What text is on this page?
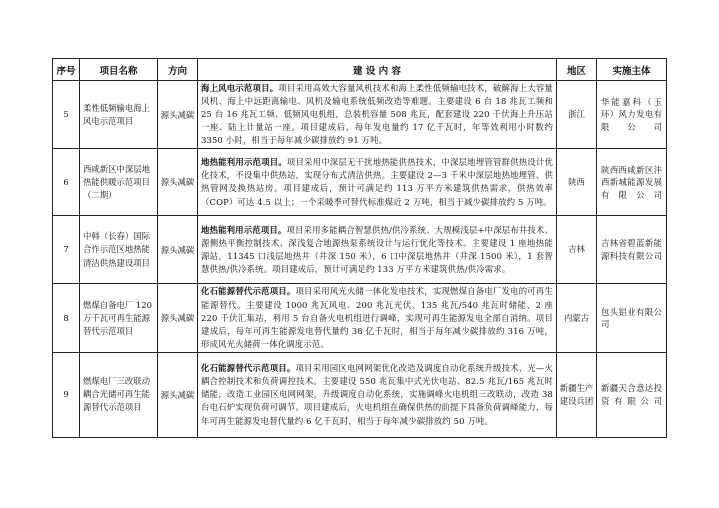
序号	项目名称	方向	建 设 内 容	地区	实施主体
5	柔性低频输电海上风电示范项目	源头减碳	海上风电示范项目。项目采用高效大容量风机技术和海上柔性低频输电技术，破解海上大容量风机、海上中远距离输电、风机及输电系统低频改造等难题。主要建设 6 台 18 兆瓦工频和 25 台 16 兆瓦工频、低频风电机组，总装机容量 508 兆瓦，配套建设 220 千伏海上升压站一座、陆上计量站一座。项目建成后，每年发电量约 17 亿千瓦时，年等效利用小时数约 3350 小时，相当于每年减少碳排放约 91 万吨。	浙江	华能嘉科（玉环）风力发电有限公司
6	西咸新区中深层地热能供暖示范项目（二期）	源头减碳	地热能利用示范项目。项目采用中深层无干扰地热能供热技术，中深层地埋管管群供热设计优化技术，不设集中供热站，实现分布式清洁供热。主要建设 2—3 千米中深层地热地埋管、供热管网及换热站房。项目建成后，预计可满足约 113 万平方米建筑供热需求，供热效率（COP）可达 4.5 以上；一个采暖季可替代标准煤近 2 万吨，相当于减少碳排放约 5 万吨。	陕西	陕西西咸新区沣西新城能源发展有限公司
7	中韩（长春）国际合作示范区地热能清洁供热建设项目	源头减碳	地热能利用示范项目。项目采用多能耦合智慧供热/供冷系统、大规模浅层+中深层布井技术、源侧热平衡控制技术、深浅复合地源热泵系统设计与运行优化等技术。主要建设 1 座地热能源站，11345 口浅层地热井（井深 150 米），6 口中深层地热井（井深 1500 米），1 套智慧供热/供冷系统。项目建成后，预计可满足约 133 万平方米建筑供热/供冷需求。	吉林	吉林省碧蓝新能源科技有限公司
8	燃煤自备电厂 120 万千瓦可再生能源替代示范项目	源头减碳	化石能源替代示范项目。项目采用风光火储一体化发电技术，实现燃煤自备电厂发电的可再生能源替代。主要建设 1000 兆瓦风电、200 兆瓦光伏、135 兆瓦/540 兆瓦时储能、2 座 220 千伏汇集站，利用 5 台自备火电机组进行调峰，实现可再生能源发电全部自消纳。项目建成后，每年可再生能源发电替代量约 38 亿千瓦时，相当于每年减少碳排放约 316 万吨，形成风光火储荷一体化调度示范。	内蒙古	包头铝业有限公司
9	燃煤电厂三改联动耦合光储可再生能源替代示范项目	源头减碳	化石能源替代示范项目。项目采用园区电网网架优化改造及调度自动化系统升级技术、光—火耦合控制技术和负荷调控技术。主要建设 550 兆瓦集中式光伏电站、82.5 兆瓦/165 兆瓦时储能，改造工业园区电网网架，升级调度自动化系统，实施调峰火电机组三改联动，改造 38 台电石炉实现负荷可调节。项目建成后，火电机组在确保供热的前提下具备负荷调峰能力，每年可再生能源发电替代量约 6 亿千瓦时，相当于每年减少碳排放约 50 万吨。	新疆生产建设兵团	新疆天合意达投资有限公司
